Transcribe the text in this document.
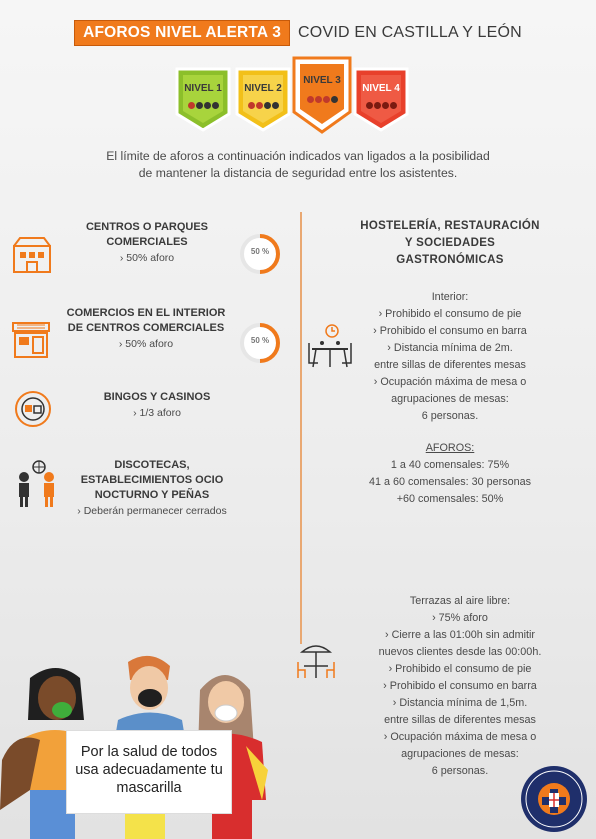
AFOROS NIVEL ALERTA 3	COVID EN CASTILLA Y LEÓN
NIVEL 1	NIVEL 2
NIVEL 3
NIVEL 4
El límite de aforos a continuación indicados van ligados a la posibilidad
de mantener la distancia de seguridad entre los asistentes.
CENTROS O PARQUES
COMERCIALES
› 50% aforo
50 %
COMERCIOS EN EL INTERIOR
DE CENTROS COMERCIALES
› 50% aforo	50 %
BINGOS Y CASINOS
› 1/3 aforo
DISCOTECAS,
ESTABLECIMIENTOS OCIO
NOCTURNO Y PEÑAS
› Deberán permanecer cerrados
HOSTELERÍA, RESTAURACIÓN
Y SOCIEDADES
GASTRONÓMICAS
Interior:
› Prohibido el consumo de pie
› Prohibido el consumo en barra
› Distancia mínima de 2m.
entre sillas de diferentes mesas
› Ocupación máxima de mesa o
agrupaciones de mesas:
6 personas.
AFOROS:
1 a 40 comensales: 75%
41 a 60 comensales: 30 personas
+60 comensales: 50%
Terrazas al aire libre:
› 75% aforo
› Cierre a las 01:00h sin admitir
nuevos clientes desde las 00:00h.
› Prohibido el consumo de pie
› Prohibido el consumo en barra
› Distancia mínima de 1,5m.
entre sillas de diferentes mesas
› Ocupación máxima de mesa o
agrupaciones de mesas:
6 personas.
Por la salud de todos
usa adecuadamente tu
mascarilla
